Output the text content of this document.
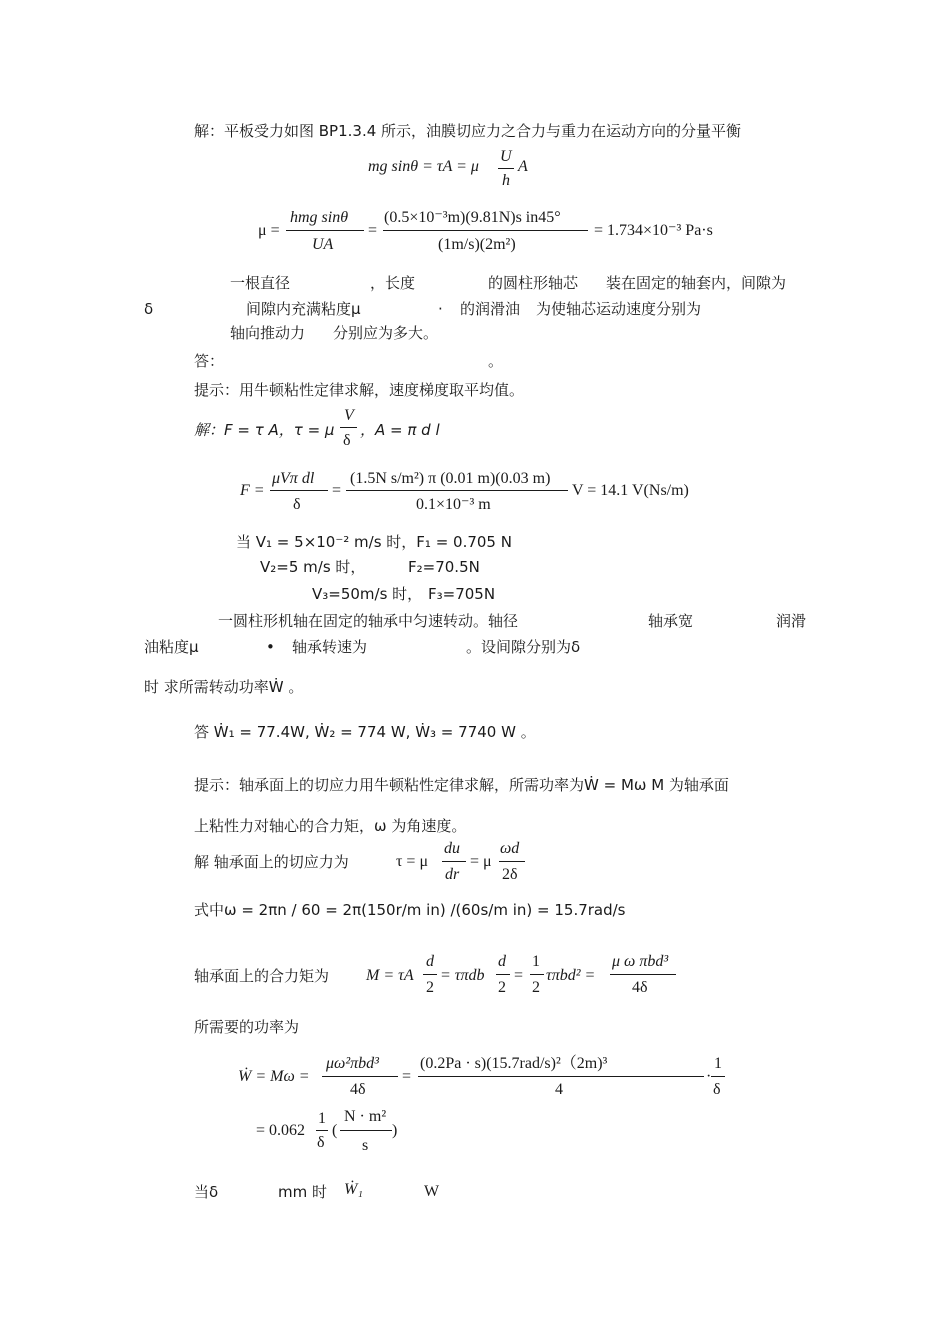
解：平板受力如图 BP1.3.4 所示，油膜切应力之合力与重力在运动方向的分量平衡
mg sinθ = τA = μ
U
h
A
μ =
hmg sinθ
UA
=
(0.5×10⁻³m)(9.81N)s in45°
(1m/s)(2m²)
= 1.734×10⁻³ Pa·s
一根直径	，长度	的圆柱形轴芯 装在固定的轴套内，间隙为
δ	间隙内充满粘度μ	· 的润滑油 为使轴芯运动速度分别为
轴向推动力 分别应为多大。
答：	。
提示：用牛顿粘性定律求解，速度梯度取平均值。
解：F = τ A，τ = μ
V
δ
，A = π d l
F =
μVπ dl
δ
=
(1.5N s/m²) π (0.01 m)(0.03 m)
0.1×10⁻³ m
V = 14.1 V(Ns/m)
当 V₁ = 5×10⁻² m/s 时，F₁ = 0.705 N
V₂=5 m/s 时，	F₂=70.5N
V₃=50m/s 时， F₃=705N
一圆柱形机轴在固定的轴承中匀速转动。轴径	轴承宽	润滑
油粘度μ	• 轴承转速为	。设间隙分别为δ
时 求所需转动功率Ẇ 。
答 Ẇ₁ = 77.4W, Ẇ₂ = 774 W, Ẇ₃ = 7740 W 。
提示：轴承面上的切应力用牛顿粘性定律求解，所需功率为Ẇ = Mω M 为轴承面
上粘性力对轴心的合力矩，ω 为角速度。
解 轴承面上的切应力为	τ = μ
du
dr
= μ
ωd
2δ
式中ω = 2πn / 60 = 2π(150r/m in) /(60s/m in) = 15.7rad/s
轴承面上的合力矩为 M = τA
d
2
= τπdb
d
2
=
1
2
τπbd² =
μ ω πbd³
4δ
所需要的功率为
Ẇ = Mω =
μω²πbd³
4δ
=
(0.2Pa · s)(15.7rad/s)²（2m)³
4
·
1
δ
= 0.062
1
δ
(
N · m²
s
)
当δ	mm 时 Ẇ₁	W
